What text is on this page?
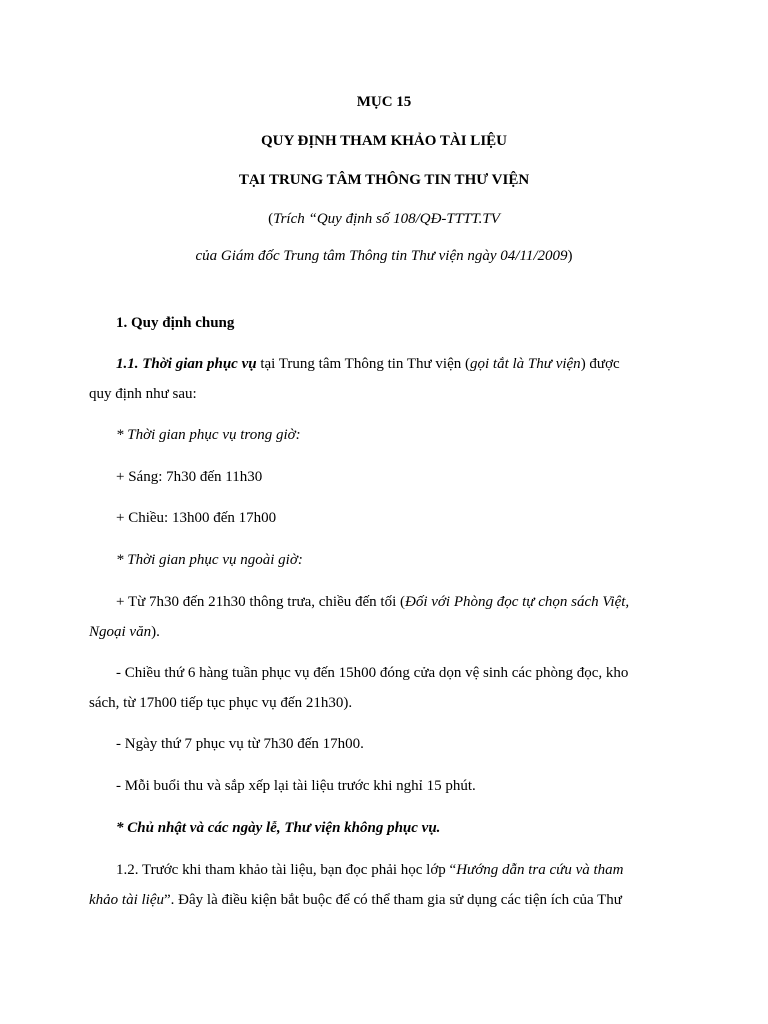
MỤC 15
QUY ĐỊNH THAM KHẢO TÀI LIỆU
TẠI TRUNG TÂM THÔNG TIN THƯ VIỆN
(Trích “Quy định số 108/QĐ-TTTT.TV
của Giám đốc Trung tâm Thông tin Thư viện ngày 04/11/2009)
1. Quy định chung
1.1. Thời gian phục vụ tại Trung tâm Thông tin Thư viện (gọi tắt là Thư viện) được
quy định như sau:
* Thời gian phục vụ trong giờ:
+ Sáng: 7h30 đến 11h30
+ Chiều: 13h00 đến 17h00
* Thời gian phục vụ ngoài giờ:
+ Từ 7h30 đến 21h30 thông trưa, chiều đến tối (Đối với Phòng đọc tự chọn sách Việt,
Ngoại văn).
- Chiều thứ 6 hàng tuần phục vụ đến 15h00 đóng cửa dọn vệ sinh các phòng đọc, kho
sách, từ 17h00 tiếp tục phục vụ đến 21h30).
- Ngày thứ 7 phục vụ từ 7h30 đến 17h00.
- Mỗi buổi thu và sắp xếp lại tài liệu trước khi nghỉ 15 phút.
* Chủ nhật và các ngày lễ, Thư viện không phục vụ.
1.2. Trước khi tham khảo tài liệu, bạn đọc phải học lớp “Hướng dẫn tra cứu và tham
khảo tài liệu”. Đây là điều kiện bắt buộc để có thể tham gia sử dụng các tiện ích của Thư
